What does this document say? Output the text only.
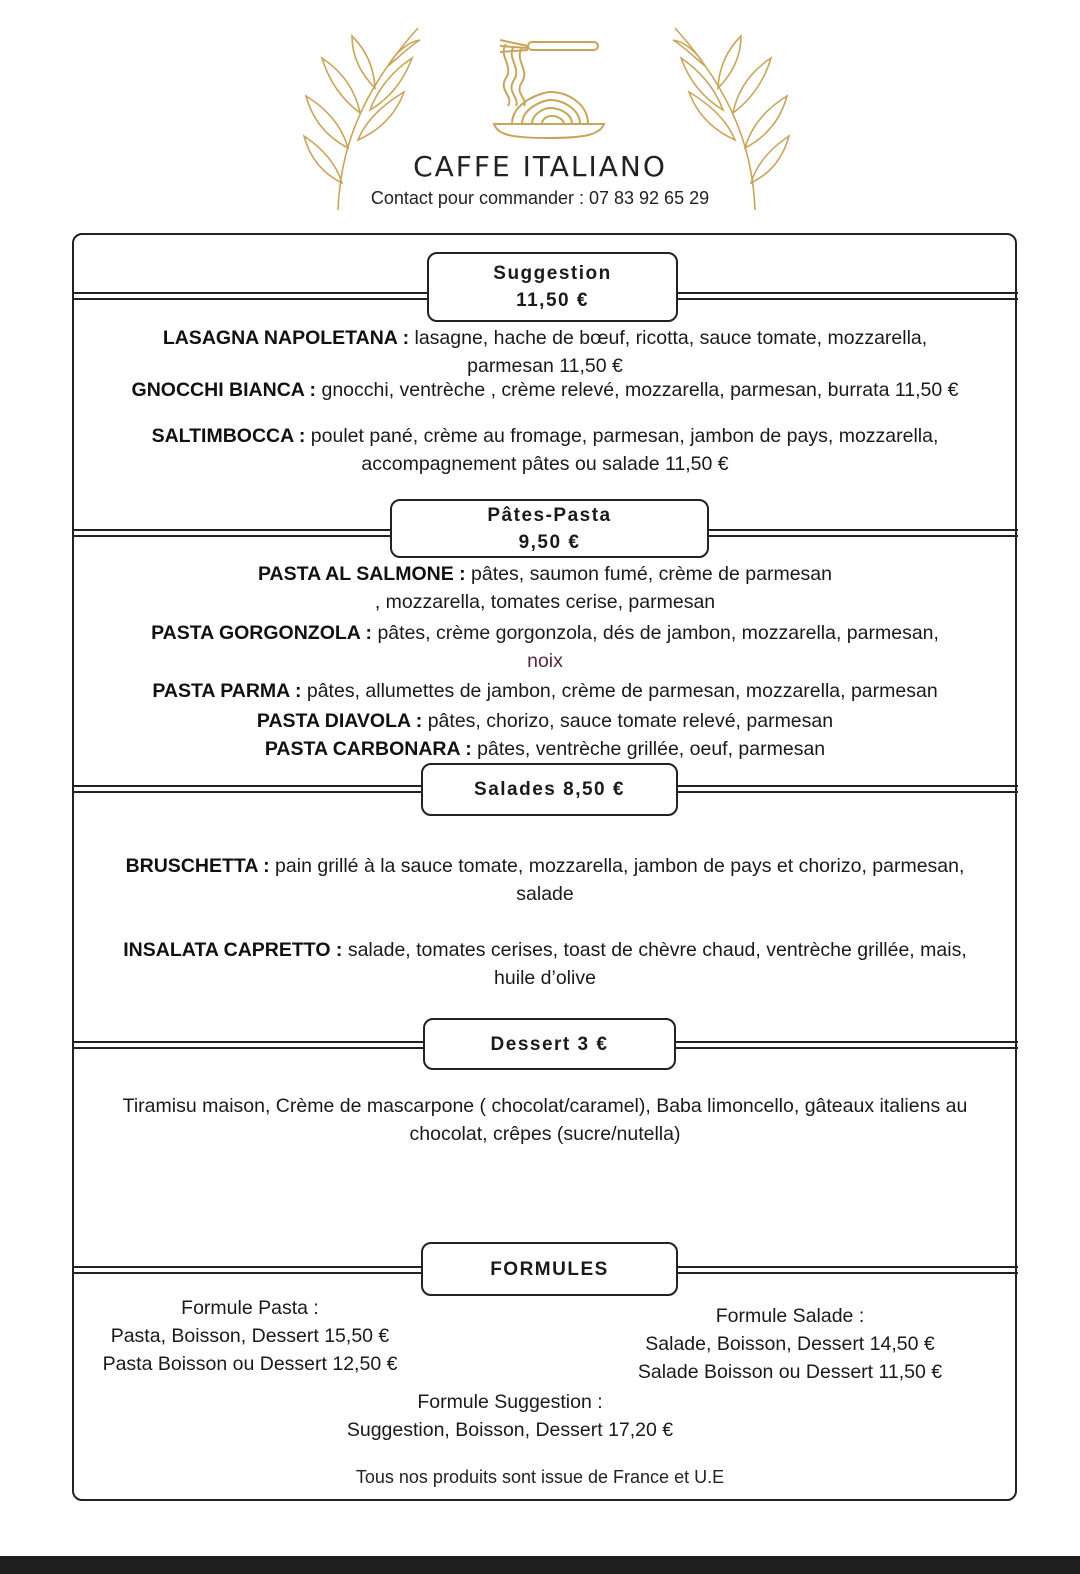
CAFFE ITALIANO
Contact pour commander : 07 83 92 65 29
Suggestion
11,50 €
LASAGNA NAPOLETANA : lasagne, hache de bœuf, ricotta, sauce tomate, mozzarella,
parmesan 11,50 €
GNOCCHI BIANCA : gnocchi, ventrèche , crème relevé, mozzarella, parmesan, burrata 11,50 €
SALTIMBOCCA : poulet pané, crème au fromage, parmesan, jambon de pays, mozzarella,
accompagnement pâtes ou salade 11,50 €
Pâtes-Pasta
9,50 €
PASTA AL SALMONE : pâtes, saumon fumé, crème de parmesan
, mozzarella, tomates cerise, parmesan
PASTA GORGONZOLA : pâtes, crème gorgonzola, dés de jambon, mozzarella, parmesan,
noix
PASTA PARMA : pâtes, allumettes de jambon, crème de parmesan, mozzarella, parmesan
PASTA DIAVOLA : pâtes, chorizo, sauce tomate relevé, parmesan
PASTA CARBONARA : pâtes, ventrèche grillée, oeuf, parmesan
Salades 8,50 €
BRUSCHETTA : pain grillé à la sauce tomate, mozzarella, jambon de pays et chorizo, parmesan,
salade
INSALATA CAPRETTO : salade, tomates cerises, toast de chèvre chaud, ventrèche grillée, mais,
huile d’olive
Dessert 3 €
Tiramisu maison, Crème de mascarpone ( chocolat/caramel), Baba limoncello, gâteaux italiens au
chocolat, crêpes (sucre/nutella)
FORMULES
Formule Pasta :
Pasta, Boisson, Dessert 15,50 €
Pasta Boisson ou Dessert 12,50 €
Formule Salade :
Salade, Boisson, Dessert 14,50 €
Salade Boisson ou Dessert 11,50 €
Formule Suggestion :
Suggestion, Boisson, Dessert 17,20 €
Tous nos produits sont issue de France et U.E
